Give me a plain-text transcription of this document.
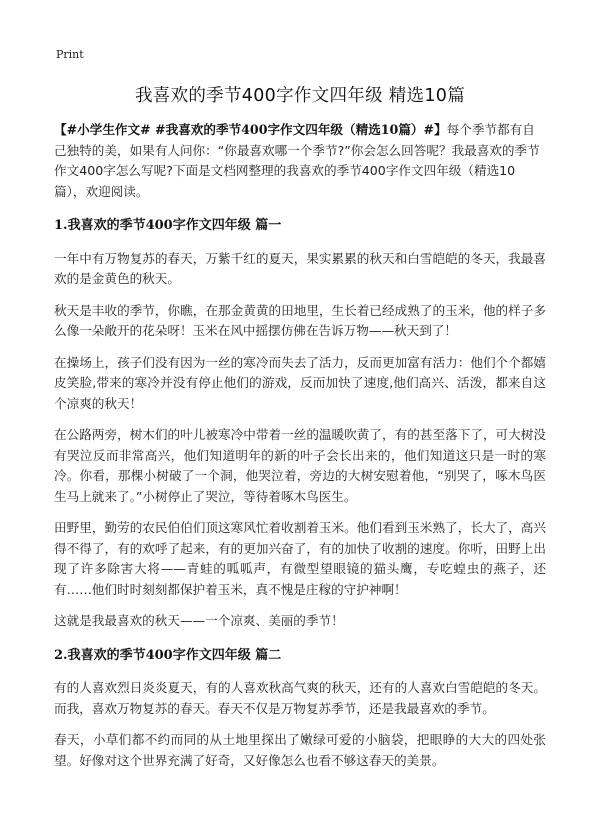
Print
我喜欢的季节400字作文四年级 精选10篇

【#小学生作文# #我喜欢的季节400字作文四年级（精选10篇）#】每个季节都有自己独特的美，如果有人问你：“你最喜欢哪一个季节?”你会怎么回答呢？我最喜欢的季节作文400字怎么写呢?下面是文档网整理的我喜欢的季节400字作文四年级（精选10篇），欢迎阅读。

1.我喜欢的季节400字作文四年级 篇一

一年中有万物复苏的春天，万紫千红的夏天，果实累累的秋天和白雪皑皑的冬天，我最喜欢的是金黄色的秋天。

秋天是丰收的季节，你瞧，在那金黄黄的田地里，生长着已经成熟了的玉米，他的样子多么像一朵敞开的花朵呀！玉米在风中摇摆仿佛在告诉万物——秋天到了！

在操场上，孩子们没有因为一丝的寒冷而失去了活力，反而更加富有活力：他们个个都嬉皮笑脸,带来的寒冷并没有停止他们的游戏，反而加快了速度,他们高兴、活泼，都来自这个凉爽的秋天！

在公路两旁，树木们的叶儿被寒冷中带着一丝的温暖吹黄了，有的甚至落下了，可大树没有哭泣反而非常高兴，他们知道明年的新的叶子会长出来的，他们知道这只是一时的寒冷。你看，那棵小树破了一个洞，他哭泣着，旁边的大树安慰着他，“别哭了，啄木鸟医生马上就来了。”小树停止了哭泣，等待着啄木鸟医生。

田野里，勤劳的农民伯伯们顶这寒风忙着收割着玉米。他们看到玉米熟了，长大了，高兴得不得了，有的欢呼了起来，有的更加兴奋了，有的加快了收割的速度。你听，田野上出现了许多除害大将——青蛙的呱呱声，有微型望眼镜的猫头鹰，专吃蝗虫的燕子，还有……他们时时刻刻都保护着玉米，真不愧是庄稼的守护神啊！

这就是我最喜欢的秋天——一个凉爽、美丽的季节！

2.我喜欢的季节400字作文四年级 篇二

有的人喜欢烈日炎炎夏天，有的人喜欢秋高气爽的秋天，还有的人喜欢白雪皑皑的冬天。而我，喜欢万物复苏的春天。春天不仅是万物复苏季节，还是我最喜欢的季节。

春天，小草们都不约而同的从土地里探出了嫩绿可爱的小脑袋，把眼睁的大大的四处张望。好像对这个世界充满了好奇，又好像怎么也看不够这春天的美景。
